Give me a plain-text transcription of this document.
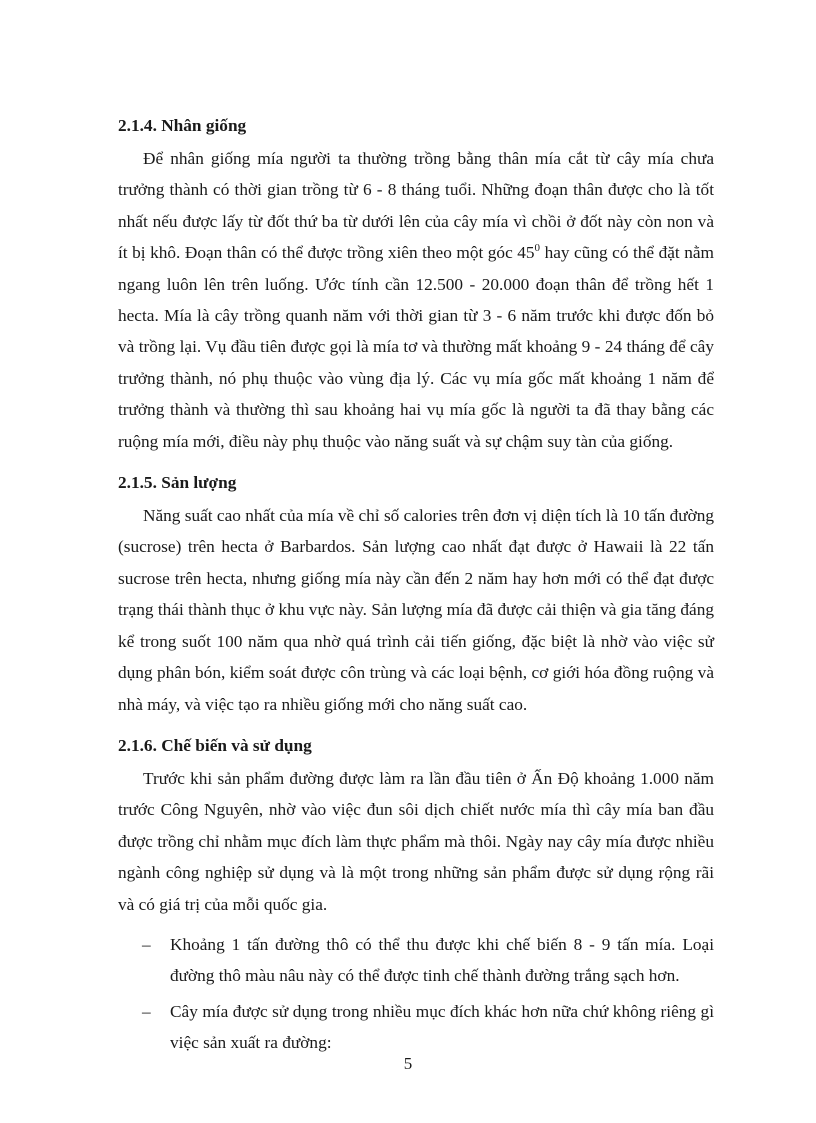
2.1.4. Nhân giống

Để nhân giống mía người ta thường trồng bằng thân mía cắt từ cây mía chưa trưởng thành có thời gian trồng từ 6 - 8 tháng tuổi. Những đoạn thân được cho là tốt nhất nếu được lấy từ đốt thứ ba từ dưới lên của cây mía vì chồi ở đốt này còn non và ít bị khô. Đoạn thân có thể được trồng xiên theo một góc $45^0$ hay cũng có thể đặt nằm ngang luôn lên trên luống. Ước tính cần 12.500 - 20.000 đoạn thân để trồng hết 1 hecta. Mía là cây trồng quanh năm với thời gian từ 3 - 6 năm trước khi được đốn bỏ và trồng lại. Vụ đầu tiên được gọi là mía tơ và thường mất khoảng 9 - 24 tháng để cây trưởng thành, nó phụ thuộc vào vùng địa lý. Các vụ mía gốc mất khoảng 1 năm để trưởng thành và thường thì sau khoảng hai vụ mía gốc là người ta đã thay bằng các ruộng mía mới, điều này phụ thuộc vào năng suất và sự chậm suy tàn của giống.

2.1.5. Sản lượng

Năng suất cao nhất của mía về chỉ số calories trên đơn vị diện tích là 10 tấn đường (sucrose) trên hecta ở Barbardos. Sản lượng cao nhất đạt được ở Hawaii là 22 tấn sucrose trên hecta, nhưng giống mía này cần đến 2 năm hay hơn mới có thể đạt được trạng thái thành thục ở khu vực này. Sản lượng mía đã được cải thiện và gia tăng đáng kể trong suốt 100 năm qua nhờ quá trình cải tiến giống, đặc biệt là nhờ vào việc sử dụng phân bón, kiểm soát được côn trùng và các loại bệnh, cơ giới hóa đồng ruộng và nhà máy, và việc tạo ra nhiều giống mới cho năng suất cao.

2.1.6. Chế biến và sử dụng

Trước khi sản phẩm đường được làm ra lần đầu tiên ở Ấn Độ khoảng 1.000 năm trước Công Nguyên, nhờ vào việc đun sôi dịch chiết nước mía thì cây mía ban đầu được trồng chỉ nhằm mục đích làm thực phẩm mà thôi. Ngày nay cây mía được nhiều ngành công nghiệp sử dụng và là một trong những sản phẩm được sử dụng rộng rãi và có giá trị của mỗi quốc gia.

– Khoảng 1 tấn đường thô có thể thu được khi chế biến 8 - 9 tấn mía. Loại đường thô màu nâu này có thể được tinh chế thành đường trắng sạch hơn.
– Cây mía được sử dụng trong nhiều mục đích khác hơn nữa chứ không riêng gì việc sản xuất ra đường:
5
